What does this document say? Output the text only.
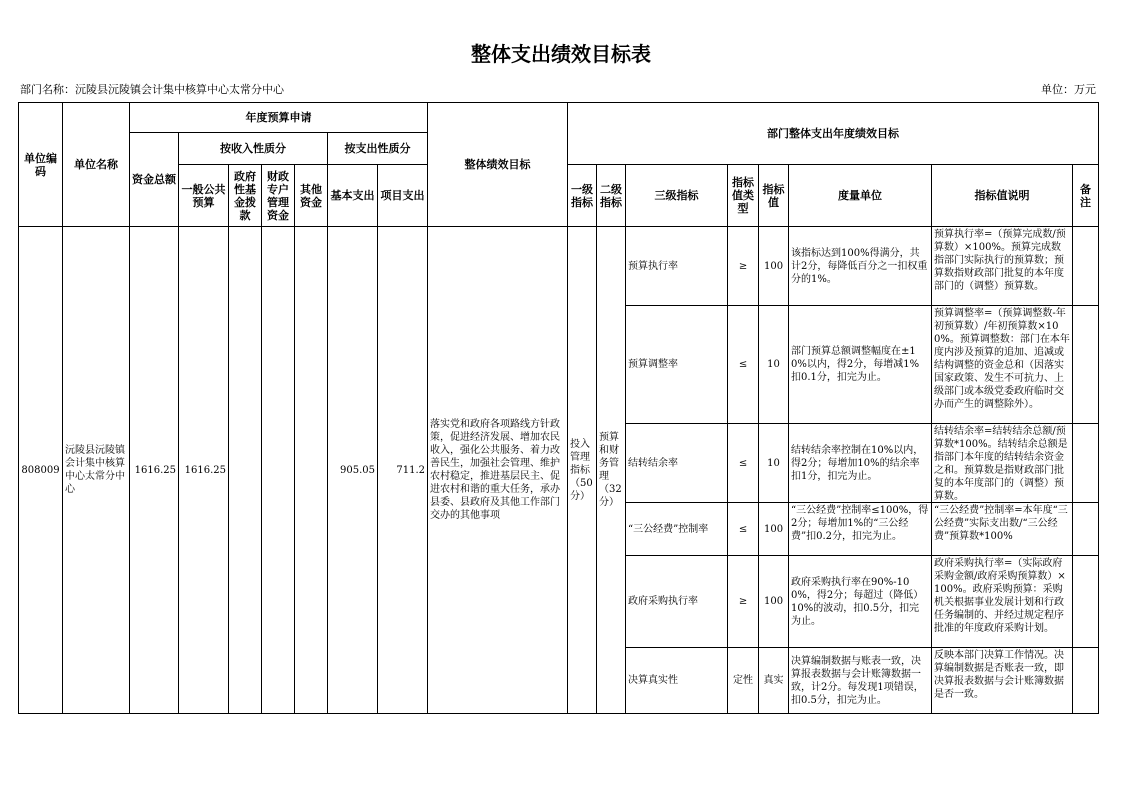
整体支出绩效目标表
部门名称：沅陵县沅陵镇会计集中核算中心太常分中心	单位：万元
单位编码	单位名称	年度预算申请							整体绩效目标	部门整体支出年度绩效目标							
		资金总额	按收入性质分				按支出性质分										
			一般公共预算	政府性基金拨款	财政专户管理资金	其他资金	基本支出	项目支出		一级指标	二级指标	三级指标	指标值类型	指标值	度量单位	指标值说明	备注
808009	沅陵县沅陵镇会计集中核算中心太常分中心	1616.25	1616.25				905.05	711.2	落实党和政府各项路线方针政策，促进经济发展、增加农民收入，强化公共服务、着力改善民生，加强社会管理、维护农村稳定，推进基层民主、促进农村和谐的重大任务，承办县委、县政府及其他工作部门交办的其他事项	投入管理指标（50分）	预算和财务管理（32分）	预算执行率	≥	100	该指标达到100%得满分，共计2分，每降低百分之一扣权重分的1%。	预算执行率=（预算完成数/预算数）×100%。预算完成数指部门实际执行的预算数；预算数指财政部门批复的本年度部门的（调整）预算数。	

												预算调整率	≤	10	部门预算总额调整幅度在±10%以内，得2分，每增减1%扣0.1分，扣完为止。	预算调整率=（预算调整数-年初预算数）/年初预算数×100%。预算调整数：部门在本年度内涉及预算的追加、追减或结构调整的资金总和（因落实国家政策、发生不可抗力、上级部门或本级党委政府临时交办而产生的调整除外）。	

												结转结余率	≤	10	结转结余率控制在10%以内，得2分；每增加10%的结余率扣1分，扣完为止。	结转结余率=结转结余总额/预算数*100%。结转结余总额是指部门本年度的结转结余资金之和。预算数是指财政部门批复的本年度部门的（调整）预算数。	

												“三公经费”控制率	≤	100	“三公经费”控制率≤100%，得2分；每增加1%的“三公经费”扣0.2分，扣完为止。	“三公经费”控制率=本年度“三公经费”实际支出数/“三公经费”预算数*100%	

												政府采购执行率	≥	100	政府采购执行率在90%-100%，得2分；每超过（降低）10%的波动，扣0.5分，扣完为止。	政府采购执行率=（实际政府采购金额/政府采购预算数）×100%。政府采购预算：采购机关根据事业发展计划和行政任务编制的、并经过规定程序批准的年度政府采购计划。	

												决算真实性	定性	真实	决算编制数据与账表一致，决算报表数据与会计账簿数据一致，计2分。每发现1项错误，扣0.5分，扣完为止。	反映本部门决算工作情况。决算编制数据是否账表一致，即决算报表数据与会计账簿数据是否一致。	
